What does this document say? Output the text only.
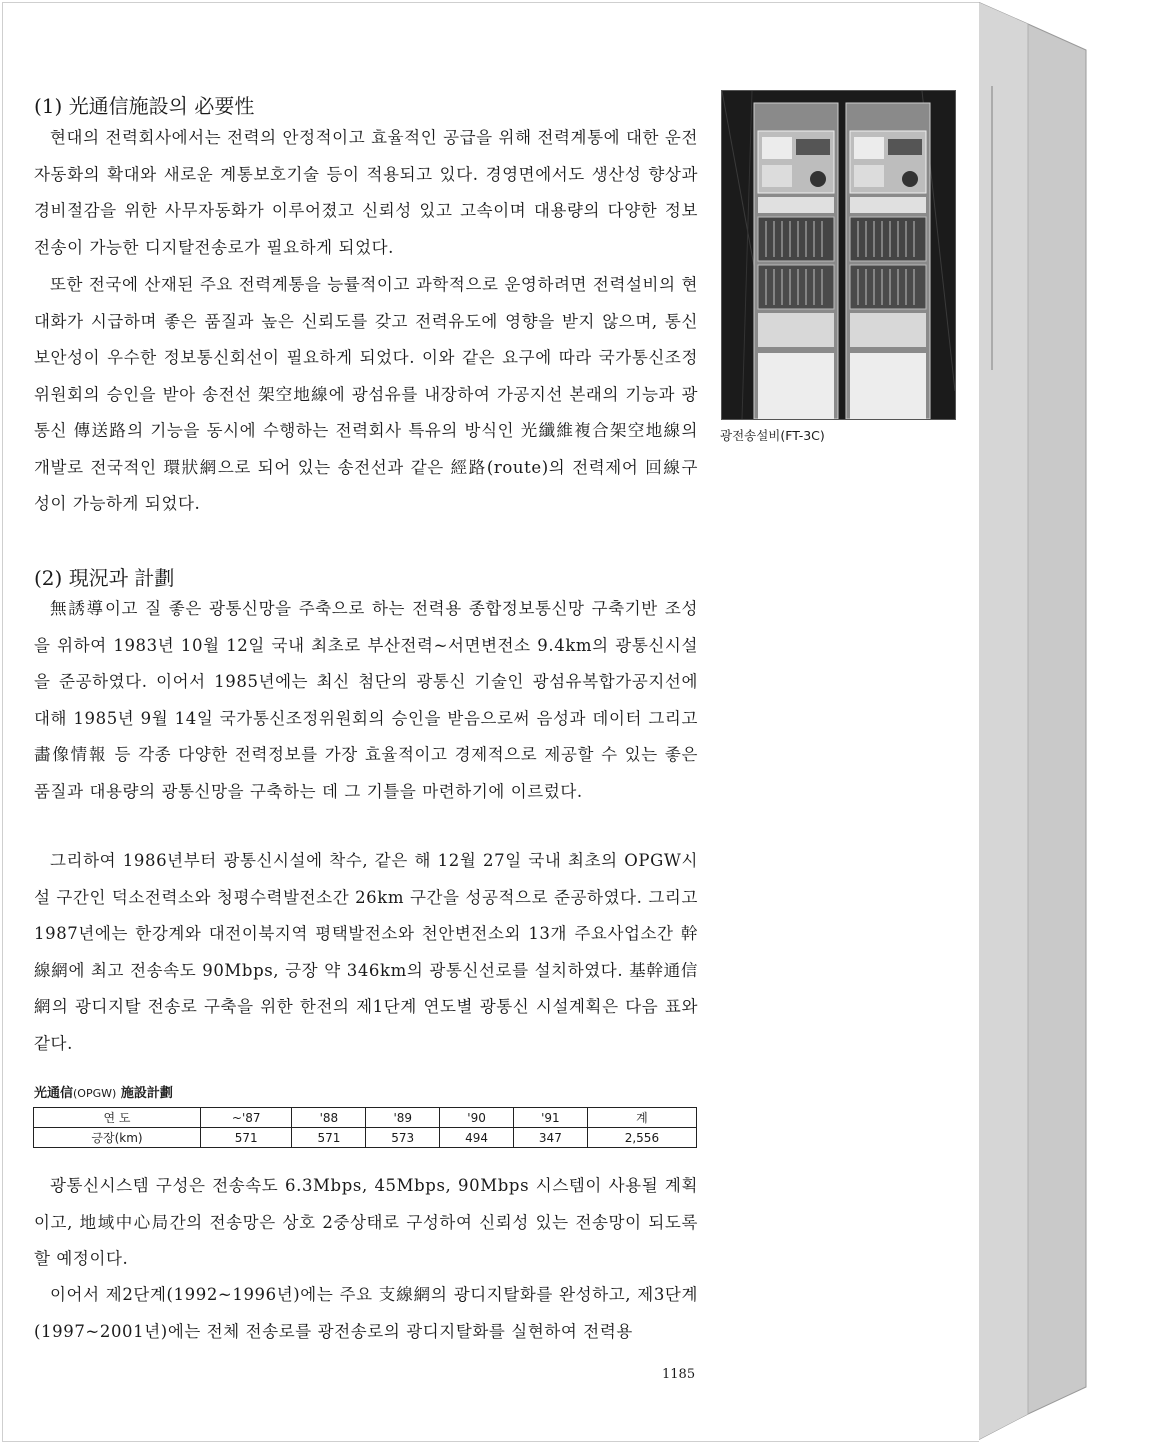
(1) 光通信施設의 必要性

현대의 전력회사에서는 전력의 안정적이고 효율적인 공급을 위해 전력계통에 대한 운전자동화의 확대와 새로운 계통보호기술 등이 적용되고 있다. 경영면에서도 생산성 향상과 경비절감을 위한 사무자동화가 이루어졌고 신뢰성 있고 고속이며 대용량의 다양한 정보전송이 가능한 디지탈전송로가 필요하게 되었다.

또한 전국에 산재된 주요 전력계통을 능률적이고 과학적으로 운영하려면 전력설비의 현대화가 시급하며 좋은 품질과 높은 신뢰도를 갖고 전력유도에 영향을 받지 않으며, 통신보안성이 우수한 정보통신회선이 필요하게 되었다. 이와 같은 요구에 따라 국가통신조정위원회의 승인을 받아 송전선 架空地線에 광섬유를 내장하여 가공지선 본래의 기능과 광통신 傳送路의 기능을 동시에 수행하는 전력회사 특유의 방식인 光纖維複合架空地線의 개발로 전국적인 環狀網으로 되어 있는 송전선과 같은 經路(route)의 전력제어 回線구성이 가능하게 되었다.

광전송설비(FT-3C)
(2) 現況과 計劃

無誘導이고 질 좋은 광통신망을 주축으로 하는 전력용 종합정보통신망 구축기반 조성을 위하여 1983년 10월 12일 국내 최초로 부산전력~서면변전소 9.4km의 광통신시설을 준공하였다. 이어서 1985년에는 최신 첨단의 광통신 기술인 광섬유복합가공지선에 대해 1985년 9월 14일 국가통신조정위원회의 승인을 받음으로써 음성과 데이터 그리고 畵像情報 등 각종 다양한 전력정보를 가장 효율적이고 경제적으로 제공할 수 있는 좋은 품질과 대용량의 광통신망을 구축하는 데 그 기틀을 마련하기에 이르렀다.

그리하여 1986년부터 광통신시설에 착수, 같은 해 12월 27일 국내 최초의 OPGW시설 구간인 덕소전력소와 청평수력발전소간 26km 구간을 성공적으로 준공하였다. 그리고 1987년에는 한강계와 대전이북지역 평택발전소와 천안변전소외 13개 주요사업소간 幹線網에 최고 전송속도 90Mbps, 긍장 약 346km의 광통신선로를 설치하였다. 基幹通信網의 광디지탈 전송로 구축을 위한 한전의 제1단계 연도별 광통신 시설계획은 다음 표와 같다.

光通信(OPGW) 施設計劃
연 도	~'87	'88	'89	'90	'91	계
긍장(km)	571	571	573	494	347	2,556

광통신시스템 구성은 전송속도 6.3Mbps, 45Mbps, 90Mbps 시스템이 사용될 계획이고, 地域中心局간의 전송망은 상호 2중상태로 구성하여 신뢰성 있는 전송망이 되도록 할 예정이다.

이어서 제2단계(1992~1996년)에는 주요 支線網의 광디지탈화를 완성하고, 제3단계(1997~2001년)에는 전체 전송로를 광전송로의 광디지탈화를 실현하여 전력용

1185
